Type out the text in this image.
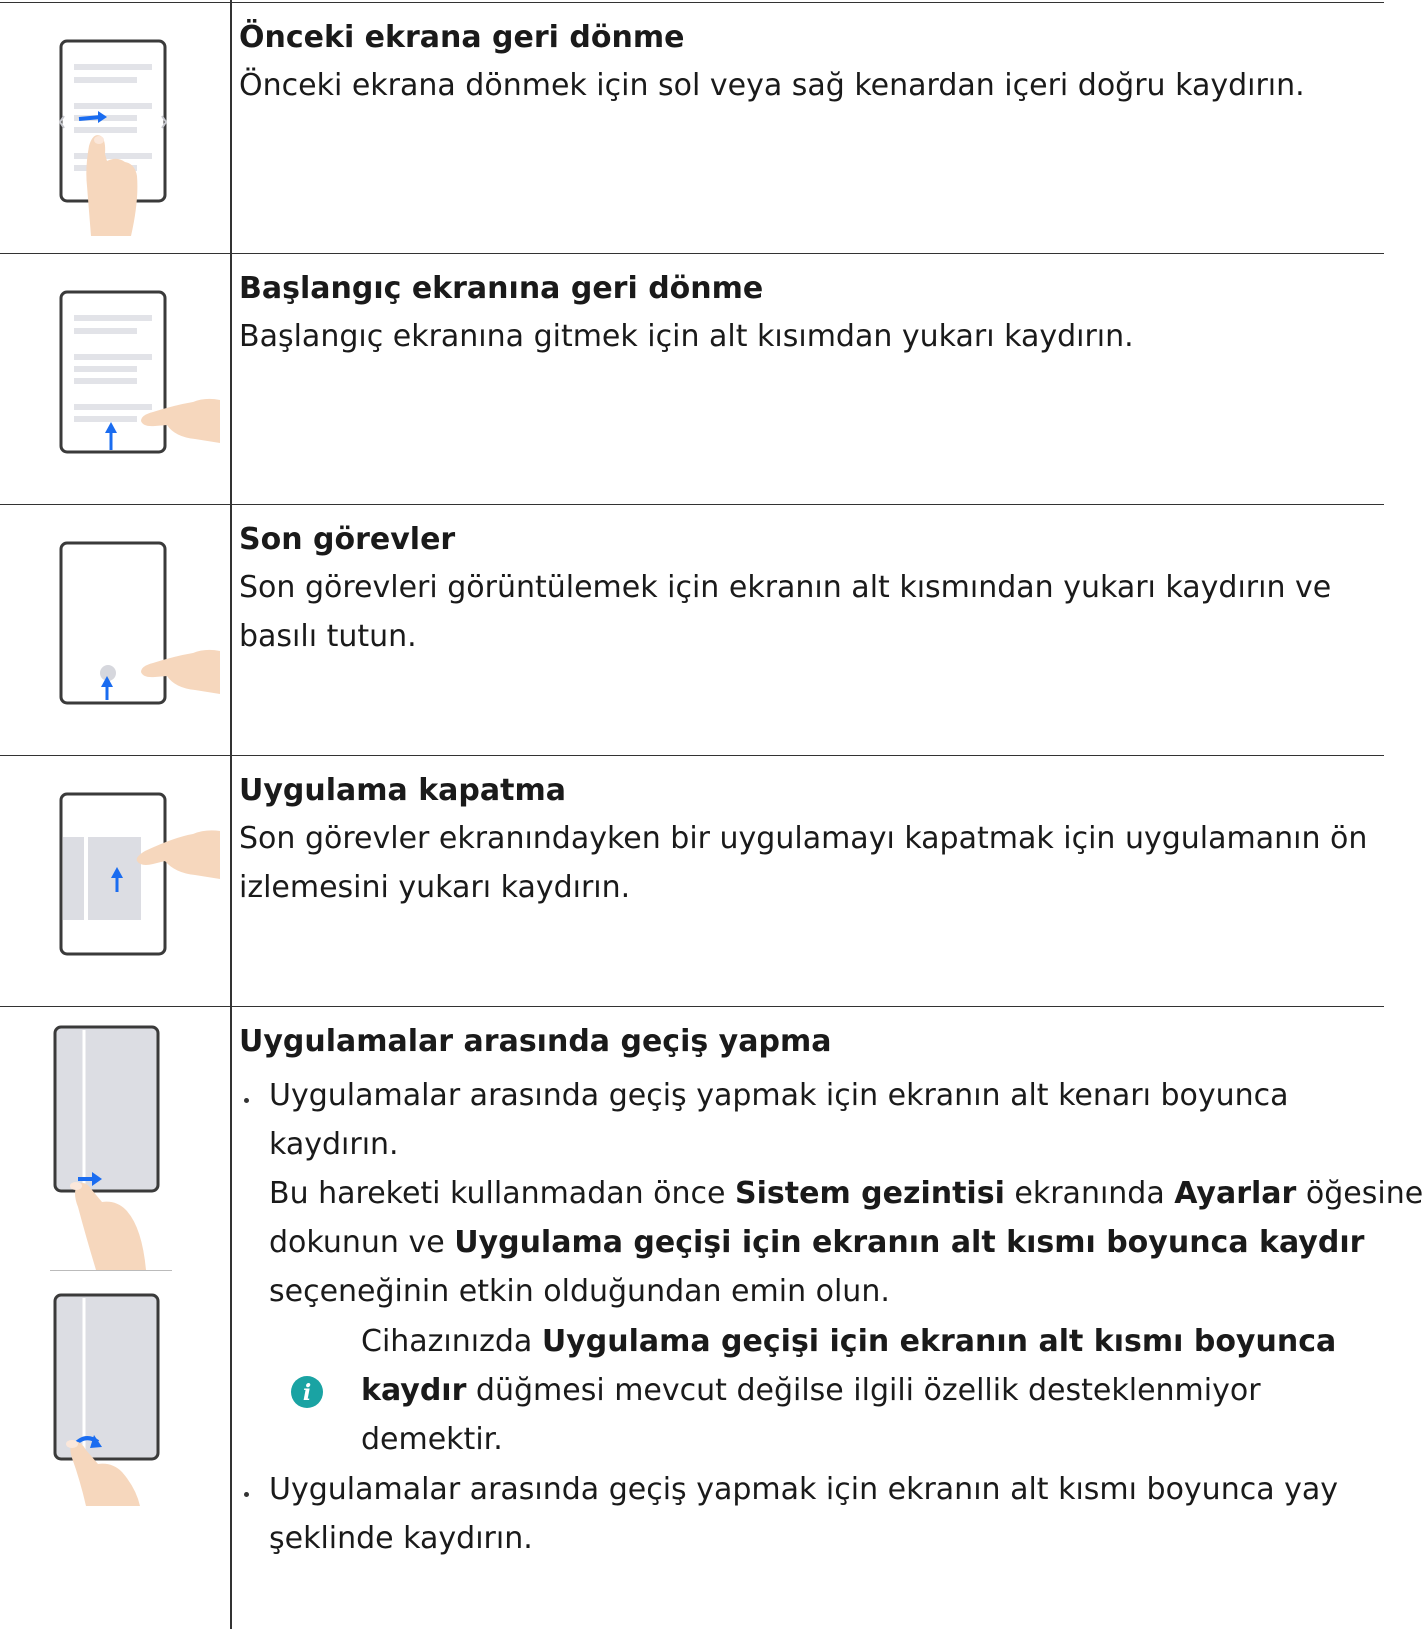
Önceki ekrana geri dönme
Önceki ekrana dönmek için sol veya sağ kenardan içeri doğru kaydırın.
Başlangıç ekranına geri dönme
Başlangıç ekranına gitmek için alt kısımdan yukarı kaydırın.
Son görevler
Son görevleri görüntülemek için ekranın alt kısmından yukarı kaydırın ve
basılı tutun.
Uygulama kapatma
Son görevler ekranındayken bir uygulamayı kapatmak için uygulamanın ön
izlemesini yukarı kaydırın.
Uygulamalar arasında geçiş yapma
Uygulamalar arasında geçiş yapmak için ekranın alt kenarı boyunca
kaydırın.
Bu hareketi kullanmadan önce Sistem gezintisi ekranında Ayarlar öğesine
dokunun ve Uygulama geçişi için ekranın alt kısmı boyunca kaydır
seçeneğinin etkin olduğundan emin olun.
i
Cihazınızda Uygulama geçişi için ekranın alt kısmı boyunca
kaydır düğmesi mevcut değilse ilgili özellik desteklenmiyor
demektir.
Uygulamalar arasında geçiş yapmak için ekranın alt kısmı boyunca yay
şeklinde kaydırın.
